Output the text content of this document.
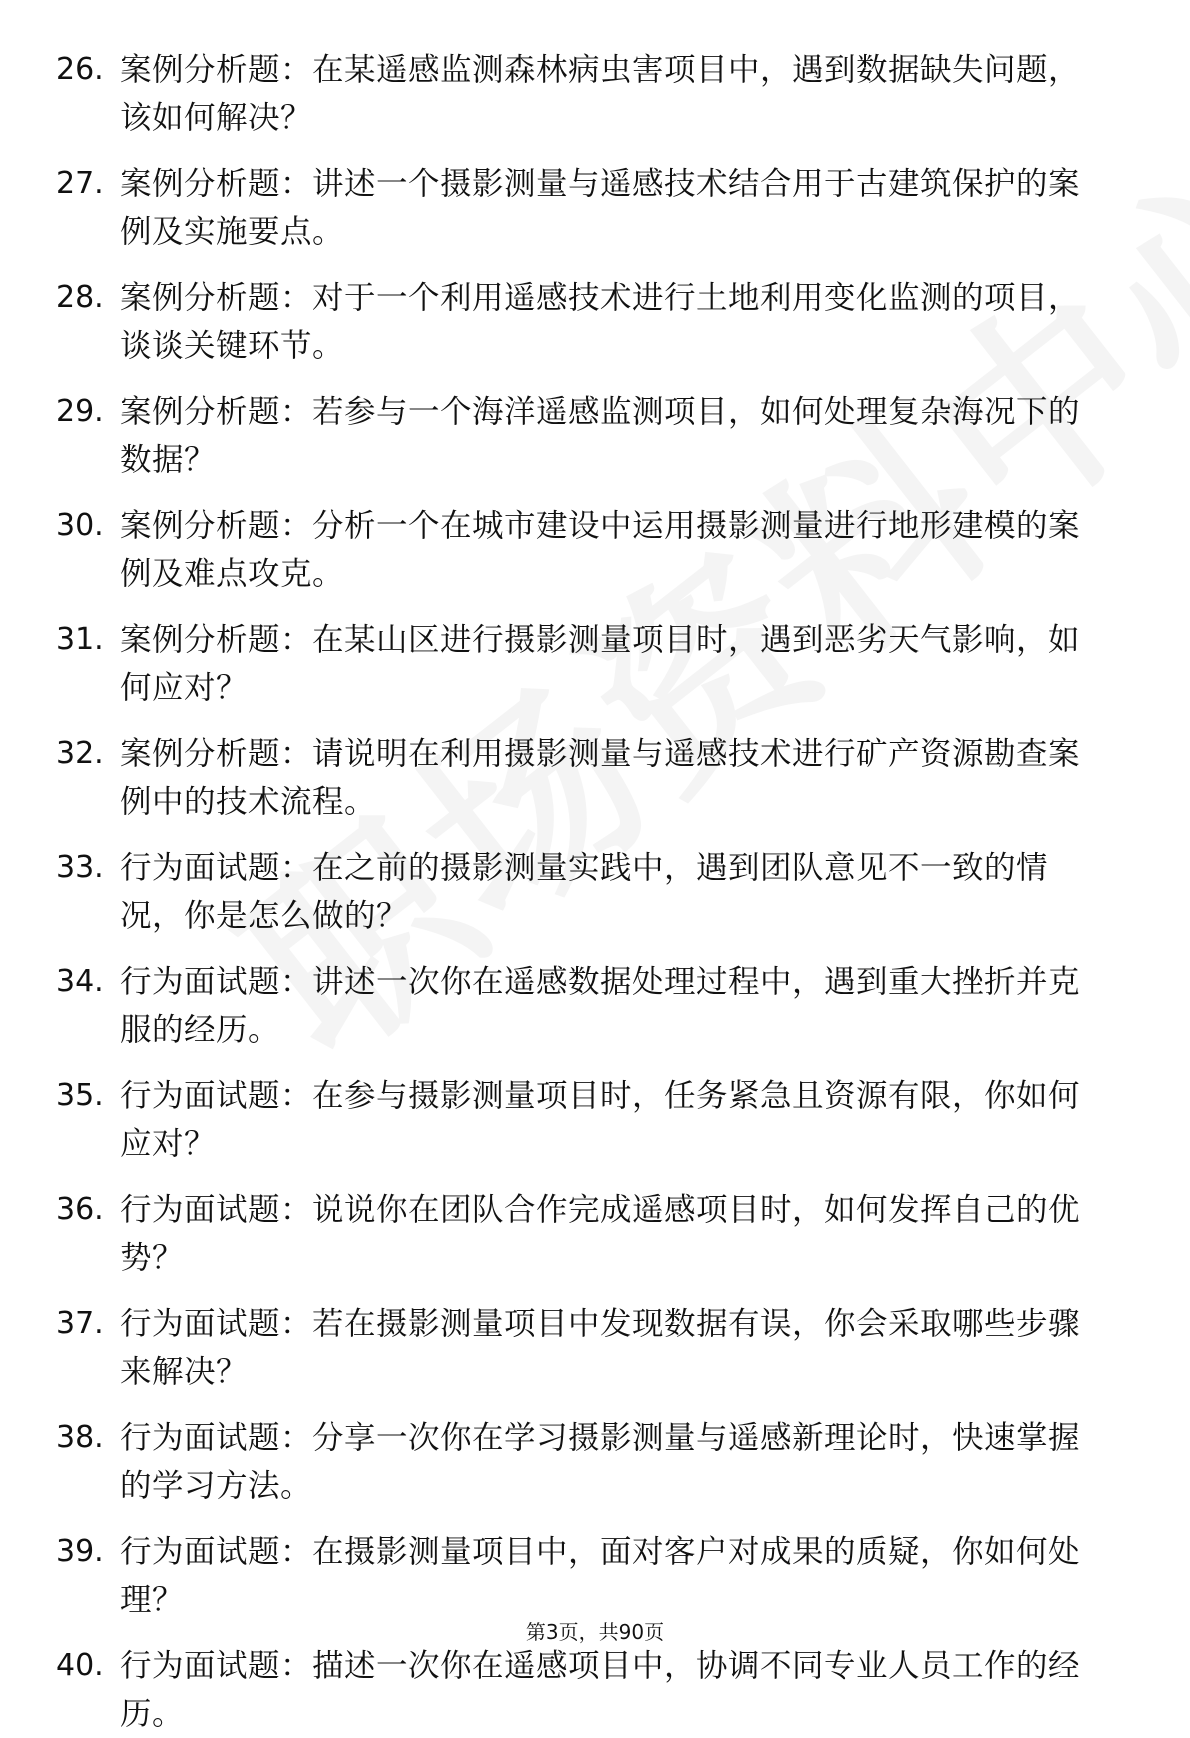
26. 案例分析题：在某遥感监测森林病虫害项目中，遇到数据缺失问题，该如何解决？
27. 案例分析题：讲述一个摄影测量与遥感技术结合用于古建筑保护的案例及实施要点。
28. 案例分析题：对于一个利用遥感技术进行土地利用变化监测的项目，谈谈关键环节。
29. 案例分析题：若参与一个海洋遥感监测项目，如何处理复杂海况下的数据？
30. 案例分析题：分析一个在城市建设中运用摄影测量进行地形建模的案例及难点攻克。
31. 案例分析题：在某山区进行摄影测量项目时，遇到恶劣天气影响，如何应对？
32. 案例分析题：请说明在利用摄影测量与遥感技术进行矿产资源勘查案例中的技术流程。
33. 行为面试题：在之前的摄影测量实践中，遇到团队意见不一致的情况，你是怎么做的？
34. 行为面试题：讲述一次你在遥感数据处理过程中，遇到重大挫折并克服的经历。
35. 行为面试题：在参与摄影测量项目时，任务紧急且资源有限，你如何应对？
36. 行为面试题：说说你在团队合作完成遥感项目时，如何发挥自己的优势？
37. 行为面试题：若在摄影测量项目中发现数据有误，你会采取哪些步骤来解决？
38. 行为面试题：分享一次你在学习摄影测量与遥感新理论时，快速掌握的学习方法。
39. 行为面试题：在摄影测量项目中，面对客户对成果的质疑，你如何处理？
40. 行为面试题：描述一次你在遥感项目中，协调不同专业人员工作的经历。
第3页，共90页
